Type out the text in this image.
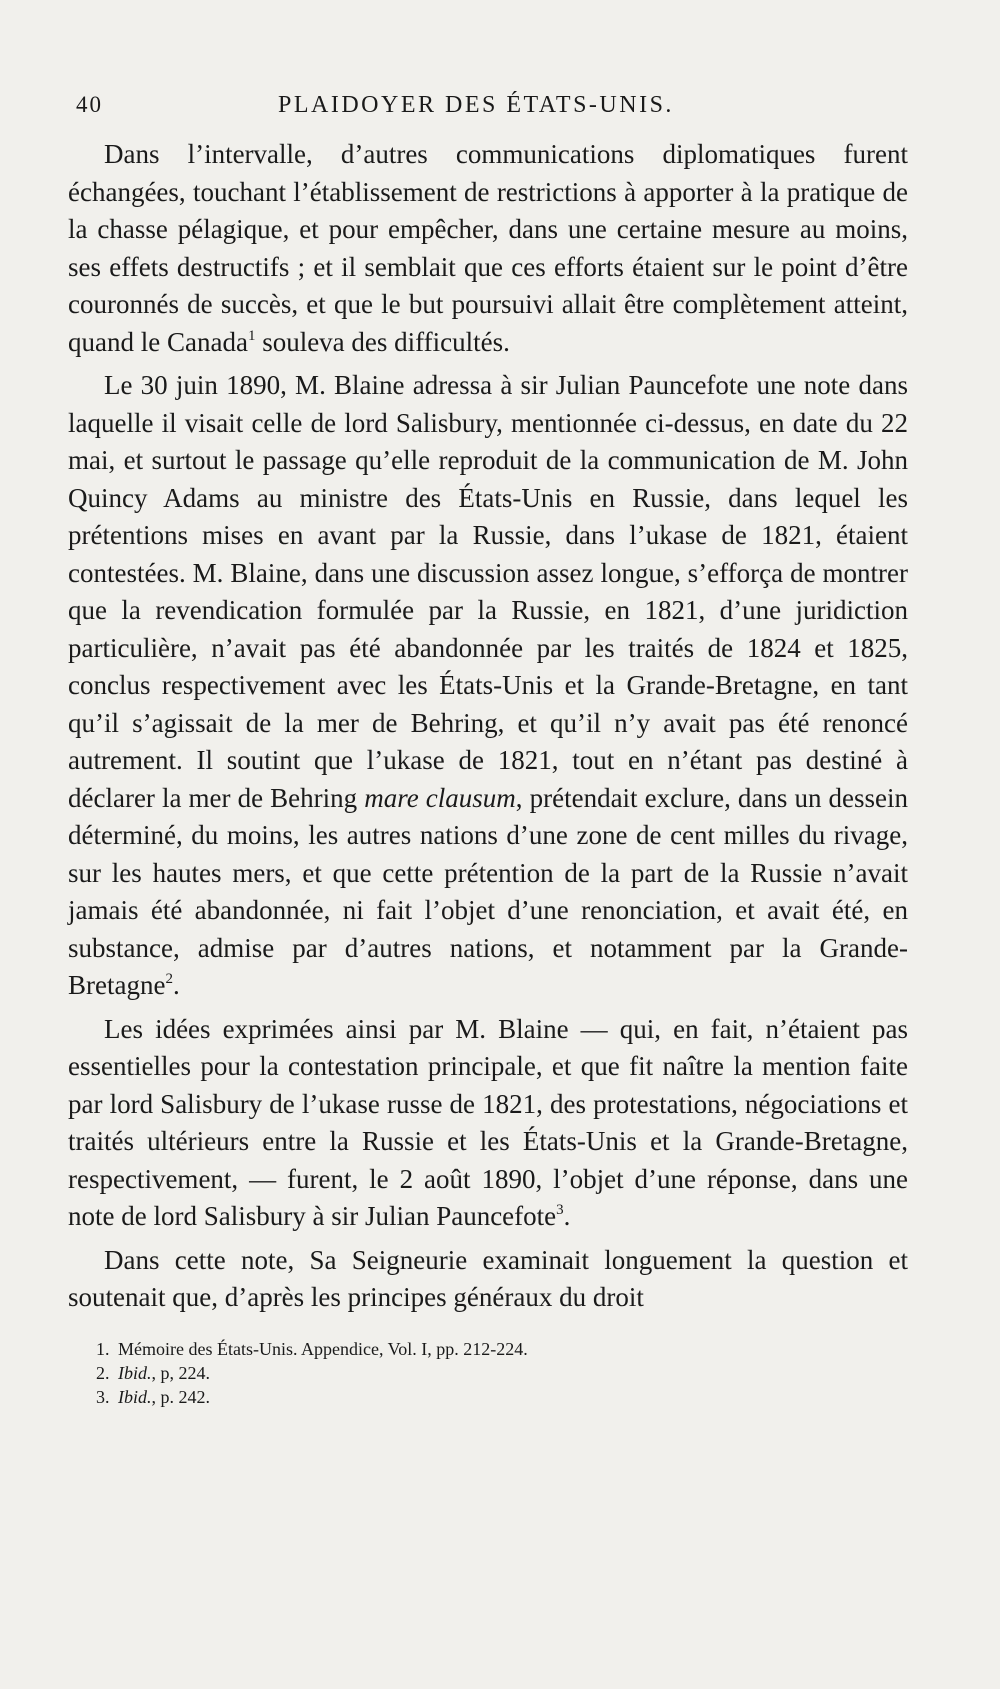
40	PLAIDOYER DES ÉTATS-UNIS.

Dans l’intervalle, d’autres communications diplomatiques furent échangées, touchant l’établissement de restrictions à apporter à la pratique de la chasse pélagique, et pour empêcher, dans une certaine mesure au moins, ses effets destructifs ; et il semblait que ces efforts étaient sur le point d’être couronnés de succès, et que le but poursuivi allait être complètement atteint, quand le Canada$^1$ souleva des difficultés.

Le 30 juin 1890, M. Blaine adressa à sir Julian Pauncefote une note dans laquelle il visait celle de lord Salisbury, mentionnée ci-dessus, en date du 22 mai, et surtout le passage qu’elle reproduit de la communication de M. John Quincy Adams au ministre des États-Unis en Russie, dans lequel les prétentions mises en avant par la Russie, dans l’ukase de 1821, étaient contestées. M. Blaine, dans une discussion assez longue, s’efforça de montrer que la revendication formulée par la Russie, en 1821, d’une juridiction particulière, n’avait pas été abandonnée par les traités de 1824 et 1825, conclus respectivement avec les États-Unis et la Grande-Bretagne, en tant qu’il s’agissait de la mer de Behring, et qu’il n’y avait pas été renoncé autrement. Il soutint que l’ukase de 1821, tout en n’étant pas destiné à déclarer la mer de Behring mare clausum, prétendait exclure, dans un dessein déterminé, du moins, les autres nations d’une zone de cent milles du rivage, sur les hautes mers, et que cette prétention de la part de la Russie n’avait jamais été abandonnée, ni fait l’objet d’une renonciation, et avait été, en substance, admise par d’autres nations, et notamment par la Grande-Bretagne$^2$.

Les idées exprimées ainsi par M. Blaine — qui, en fait, n’étaient pas essentielles pour la contestation principale, et que fit naître la mention faite par lord Salisbury de l’ukase russe de 1821, des protestations, négociations et traités ultérieurs entre la Russie et les États-Unis et la Grande-Bretagne, respectivement, — furent, le 2 août 1890, l’objet d’une réponse, dans une note de lord Salisbury à sir Julian Pauncefote$^3$.

Dans cette note, Sa Seigneurie examinait longuement la question et soutenait que, d’après les principes généraux du droit

1. Mémoire des États-Unis. Appendice, Vol. I, pp. 212-224.
2. Ibid., p, 224.
3. Ibid., p. 242.
